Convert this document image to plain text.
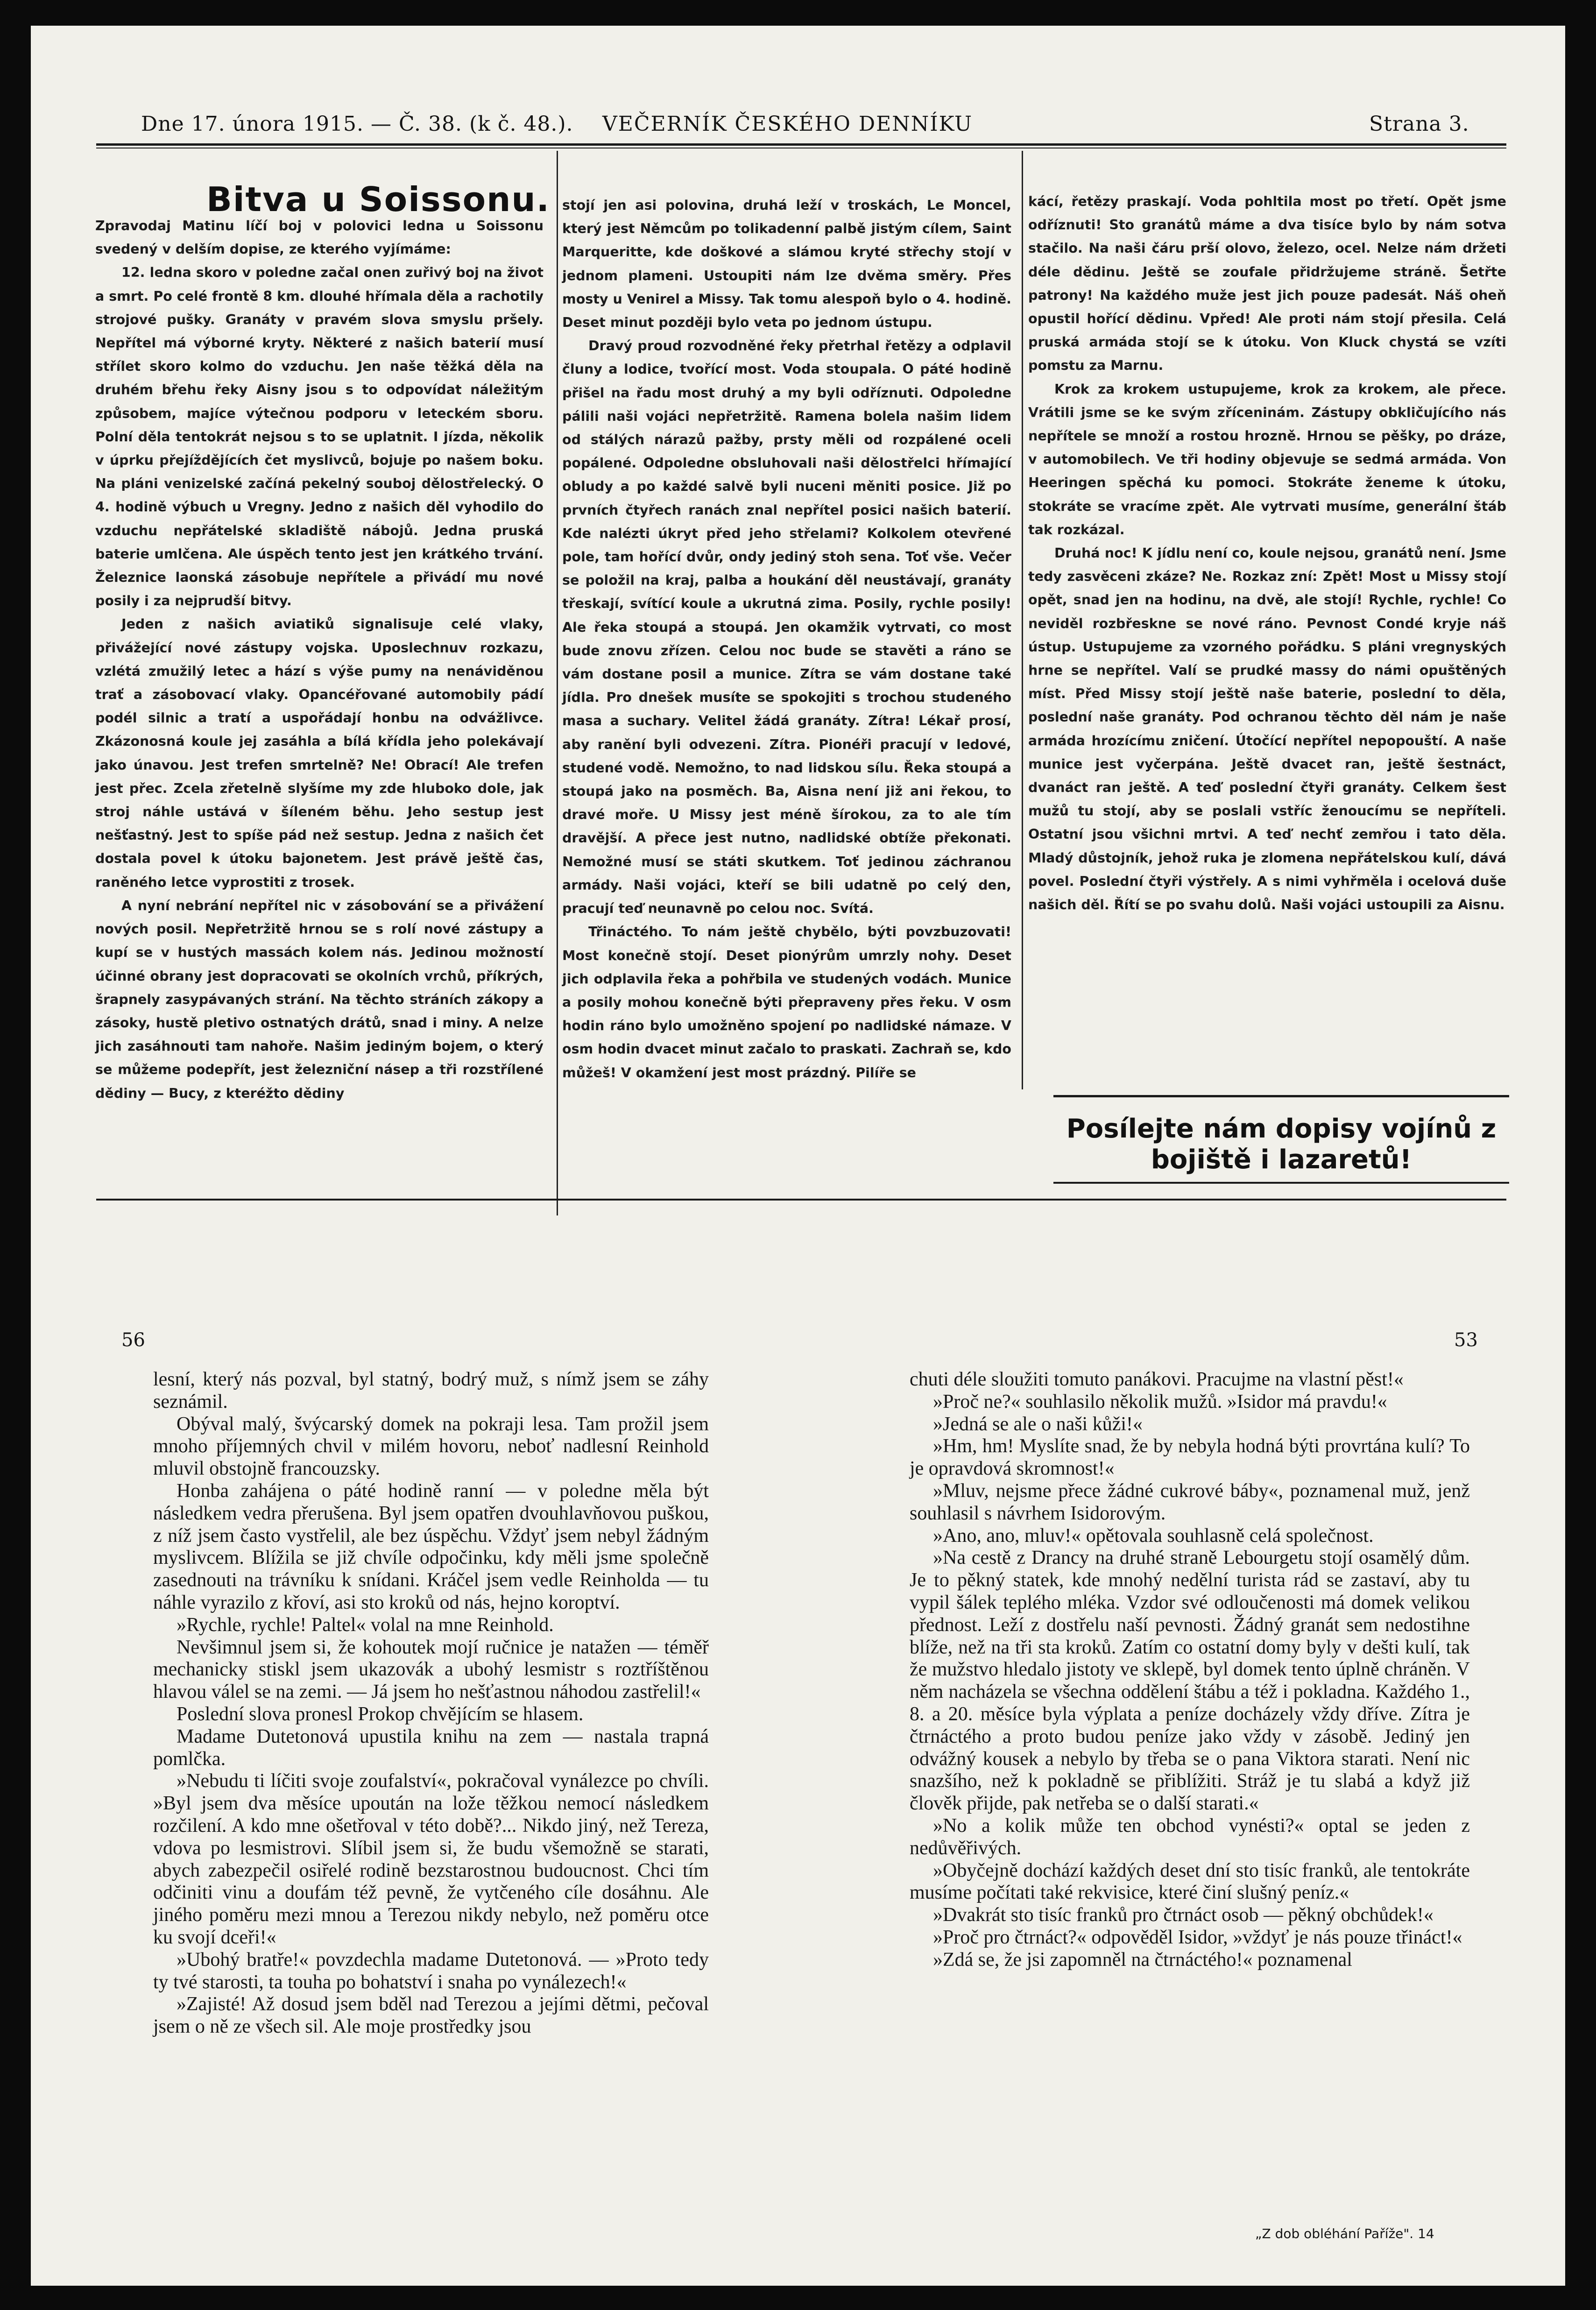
Dne 17. února 1915. — Č. 38. (k č. 48.). VEČERNÍK ČESKÉHO DENNÍKU	Strana 3.
Bitva u Soissonu.

Zpravodaj Matinu líčí boj v polovici ledna u Soissonu svedený v delším dopise, ze kterého vyjímáme:

12. ledna skoro v poledne začal onen zuřivý boj na život a smrt. Po celé frontě 8 km. dlouhé hřímala děla a rachotily strojové pušky. Granáty v pravém slova smyslu pršely. Nepřítel má výborné kryty. Některé z našich baterií musí střílet skoro kolmo do vzduchu. Jen naše těžká děla na druhém břehu řeky Aisny jsou s to odpovídat náležitým způsobem, majíce výtečnou podporu v leteckém sboru. Polní děla tentokrát nejsou s to se uplatnit. I jízda, několik v úprku přejíždějících čet myslivců, bojuje po našem boku. Na pláni venizelské začíná pekelný souboj dělostřelecký. O 4. hodině výbuch u Vregny. Jedno z našich děl vyhodilo do vzduchu nepřátelské skladiště nábojů. Jedna pruská baterie umlčena. Ale úspěch tento jest jen krátkého trvání. Železnice laonská zásobuje nepřítele a přivádí mu nové posily i za nejprudší bitvy.

Jeden z našich aviatiků signalisuje celé vlaky, přivážející nové zástupy vojska. Uposlechnuv rozkazu, vzlétá zmužilý letec a hází s výše pumy na nenáviděnou trať a zásobovací vlaky. Opancéřované automobily pádí podél silnic a tratí a uspořádají honbu na odvážlivce. Zkázonosná koule jej zasáhla a bílá křídla jeho polekávají jako únavou. Jest trefen smrtelně? Ne! Obrací! Ale trefen jest přec. Zcela zřetelně slyšíme my zde hluboko dole, jak stroj náhle ustává v šíleném běhu. Jeho sestup jest nešťastný. Jest to spíše pád než sestup. Jedna z našich čet dostala povel k útoku bajonetem. Jest právě ještě čas, raněného letce vyprostiti z trosek.

A nyní nebrání nepřítel nic v zásobování se a přivážení nových posil. Nepřetržitě hrnou se s rolí nové zástupy a kupí se v hustých massách kolem nás. Jedinou možností účinné obrany jest dopracovati se okolních vrchů, příkrých, šrapnely zasypávaných strání. Na těchto stráních zákopy a zásoky, hustě pletivo ostnatých drátů, snad i miny. A nelze jich zasáhnouti tam nahoře. Našim jediným bojem, o který se můžeme podepřít, jest železniční násep a tři rozstřílené dědiny — Bucy, z kteréžto dědiny

stojí jen asi polovina, druhá leží v troskách, Le Moncel, který jest Němcům po tolikadenní palbě jistým cílem, Saint Marqueritte, kde doškové a slámou kryté střechy stojí v jednom plameni. Ustoupiti nám lze dvěma směry. Přes mosty u Venirel a Missy. Tak tomu alespoň bylo o 4. hodině. Deset minut později bylo veta po jednom ústupu.

Dravý proud rozvodněné řeky přetrhal řetězy a odplavil čluny a lodice, tvořící most. Voda stoupala. O páté hodině přišel na řadu most druhý a my byli odříznuti. Odpoledne pálili naši vojáci nepřetržitě. Ramena bolela našim lidem od stálých nárazů pažby, prsty měli od rozpálené oceli popálené. Odpoledne obsluhovali naši dělostřelci hřímající obludy a po každé salvě byli nuceni měniti posice. Již po prvních čtyřech ranách znal nepřítel posici našich baterií. Kde nalézti úkryt před jeho střelami? Kolkolem otevřené pole, tam hořící dvůr, ondy jediný stoh sena. Toť vše. Večer se položil na kraj, palba a houkání děl neustávají, granáty třeskají, svítící koule a ukrutná zima. Posily, rychle posily! Ale řeka stoupá a stoupá. Jen okamžik vytrvati, co most bude znovu zřízen. Celou noc bude se stavěti a ráno se vám dostane posil a munice. Zítra se vám dostane také jídla. Pro dnešek musíte se spokojiti s trochou studeného masa a suchary. Velitel žádá granáty. Zítra! Lékař prosí, aby ranění byli odvezeni. Zítra. Pionéři pracují v ledové, studené vodě. Nemožno, to nad lidskou sílu. Řeka stoupá a stoupá jako na posměch. Ba, Aisna není již ani řekou, to dravé moře. U Missy jest méně šírokou, za to ale tím dravější. A přece jest nutno, nadlidské obtíže překonati. Nemožné musí se státi skutkem. Toť jedinou záchranou armády. Naši vojáci, kteří se bili udatně po celý den, pracují teď neunavně po celou noc. Svítá.

Třináctého. To nám ještě chybělo, býti povzbuzovati! Most konečně stojí. Deset pionýrům umrzly nohy. Deset jich odplavila řeka a pohřbila ve studených vodách. Munice a posily mohou konečně býti přepraveny přes řeku. V osm hodin ráno bylo umožněno spojení po nadlidské námaze. V osm hodin dvacet minut začalo to praskati. Zachraň se, kdo můžeš! V okamžení jest most prázdný. Pilíře se

kácí, řetězy praskají. Voda pohltila most po třetí. Opět jsme odříznuti! Sto granátů máme a dva tisíce bylo by nám sotva stačilo. Na naši čáru prší olovo, železo, ocel. Nelze nám držeti déle dědinu. Ještě se zoufale přidržujeme stráně. Šetřte patrony! Na každého muže jest jich pouze padesát. Náš oheň opustil hořící dědinu. Vpřed! Ale proti nám stojí přesila. Celá pruská armáda stojí se k útoku. Von Kluck chystá se vzíti pomstu za Marnu.

Krok za krokem ustupujeme, krok za krokem, ale přece. Vrátili jsme se ke svým zříceninám. Zástupy obkličujícího nás nepřítele se množí a rostou hrozně. Hrnou se pěšky, po dráze, v automobilech. Ve tři hodiny objevuje se sedmá armáda. Von Heeringen spěchá ku pomoci. Stokráte ženeme k útoku, stokráte se vracíme zpět. Ale vytrvati musíme, generální štáb tak rozkázal.

Druhá noc! K jídlu není co, koule nejsou, granátů není. Jsme tedy zasvěceni zkáze? Ne. Rozkaz zní: Zpět! Most u Missy stojí opět, snad jen na hodinu, na dvě, ale stojí! Rychle, rychle! Co neviděl rozbřeskne se nové ráno. Pevnost Condé kryje náš ústup. Ustupujeme za vzorného pořádku. S pláni vregnyských hrne se nepřítel. Valí se prudké massy do námi opuštěných míst. Před Missy stojí ještě naše baterie, poslední to děla, poslední naše granáty. Pod ochranou těchto děl nám je naše armáda hrozícímu zničení. Útočící nepřítel nepopouští. A naše munice jest vyčerpána. Ještě dvacet ran, ještě šestnáct, dvanáct ran ještě. A teď poslední čtyři granáty. Celkem šest mužů tu stojí, aby se poslali vstříc ženoucímu se nepříteli. Ostatní jsou všichni mrtvi. A teď nechť zemřou i tato děla. Mladý důstojník, jehož ruka je zlomena nepřátelskou kulí, dává povel. Poslední čtyři výstřely. A s nimi vyhřměla i ocelová duše našich děl. Řítí se po svahu dolů. Naši vojáci ustoupili za Aisnu.

Posílejte nám dopisy vojínů z bojiště i lazaretů!
56	53

lesní, který nás pozval, byl statný, bodrý muž, s nímž jsem se záhy seznámil.

Obýval malý, švýcarský domek na pokraji lesa. Tam prožil jsem mnoho příjemných chvil v milém hovoru, neboť nadlesní Reinhold mluvil obstojně francouzsky.

Honba zahájena o páté hodině ranní — v poledne měla být následkem vedra přerušena. Byl jsem opatřen dvouhlavňovou puškou, z níž jsem často vystřelil, ale bez úspěchu. Vždyť jsem nebyl žádným myslivcem. Blížila se již chvíle odpočinku, kdy měli jsme společně zasednouti na trávníku k snídani. Kráčel jsem vedle Reinholda — tu náhle vyrazilo z křoví, asi sto kroků od nás, hejno koroptví.

»Rychle, rychle! Paltel« volal na mne Reinhold.

Nevšimnul jsem si, že kohoutek mojí ručnice je natažen — téměř mechanicky stiskl jsem ukazovák a ubohý lesmistr s roztříštěnou hlavou válel se na zemi. — Já jsem ho nešťastnou náhodou zastřelil!«

Poslední slova pronesl Prokop chvějícím se hlasem.

Madame Dutetonová upustila knihu na zem — nastala trapná pomlčka.

»Nebudu ti líčiti svoje zoufalství«, pokračoval vynálezce po chvíli. »Byl jsem dva měsíce upoután na lože těžkou nemocí následkem rozčilení. A kdo mne ošetřoval v této době?... Nikdo jiný, než Tereza, vdova po lesmistrovi. Slíbil jsem si, že budu všemožně se starati, abych zabezpečil osiřelé rodině bezstarostnou budoucnost. Chci tím odčiniti vinu a doufám též pevně, že vytčeného cíle dosáhnu. Ale jiného poměru mezi mnou a Terezou nikdy nebylo, než poměru otce ku svojí dceři!«

»Ubohý bratře!« povzdechla madame Dutetonová. — »Proto tedy ty tvé starosti, ta touha po bohatství i snaha po vynálezech!«

»Zajisté! Až dosud jsem bděl nad Terezou a jejími dětmi, pečoval jsem o ně ze všech sil. Ale moje prostředky jsou

chuti déle sloužiti tomuto panákovi. Pracujme na vlastní pěst!«

»Proč ne?« souhlasilo několik mužů. »Isidor má pravdu!«

»Jedná se ale o naši kůži!«

»Hm, hm! Myslíte snad, že by nebyla hodná býti provrtána kulí? To je opravdová skromnost!«

»Mluv, nejsme přece žádné cukrové báby«, poznamenal muž, jenž souhlasil s návrhem Isidorovým.

»Ano, ano, mluv!« opětovala souhlasně celá společnost.

»Na cestě z Drancy na druhé straně Lebourgetu stojí osamělý dům. Je to pěkný statek, kde mnohý nedělní turista rád se zastaví, aby tu vypil šálek teplého mléka. Vzdor své odloučenosti má domek velikou přednost. Leží z dostřelu naší pevnosti. Žádný granát sem nedostihne blíže, než na tři sta kroků. Zatím co ostatní domy byly v dešti kulí, tak že mužstvo hledalo jistoty ve sklepě, byl domek tento úplně chráněn. V něm nacházela se všechna oddělení štábu a též i pokladna. Každého 1., 8. a 20. měsíce byla výplata a peníze docházely vždy dříve. Zítra je čtrnáctého a proto budou peníze jako vždy v zásobě. Jediný jen odvážný kousek a nebylo by třeba se o pana Viktora starati. Není nic snazšího, než k pokladně se přiblížiti. Stráž je tu slabá a když již člověk přijde, pak netřeba se o další starati.«

»No a kolik může ten obchod vynésti?« optal se jeden z nedůvěřivých.

»Obyčejně dochází každých deset dní sto tisíc franků, ale tentokráte musíme počítati také rekvisice, které činí slušný peníz.«

»Dvakrát sto tisíc franků pro čtrnáct osob — pěkný obchůdek!«

»Proč pro čtrnáct?« odpověděl Isidor, »vždyť je nás pouze třináct!«

»Zdá se, že jsi zapomněl na čtrnáctého!« poznamenal

„Z dob obléhání Paříže". 14
